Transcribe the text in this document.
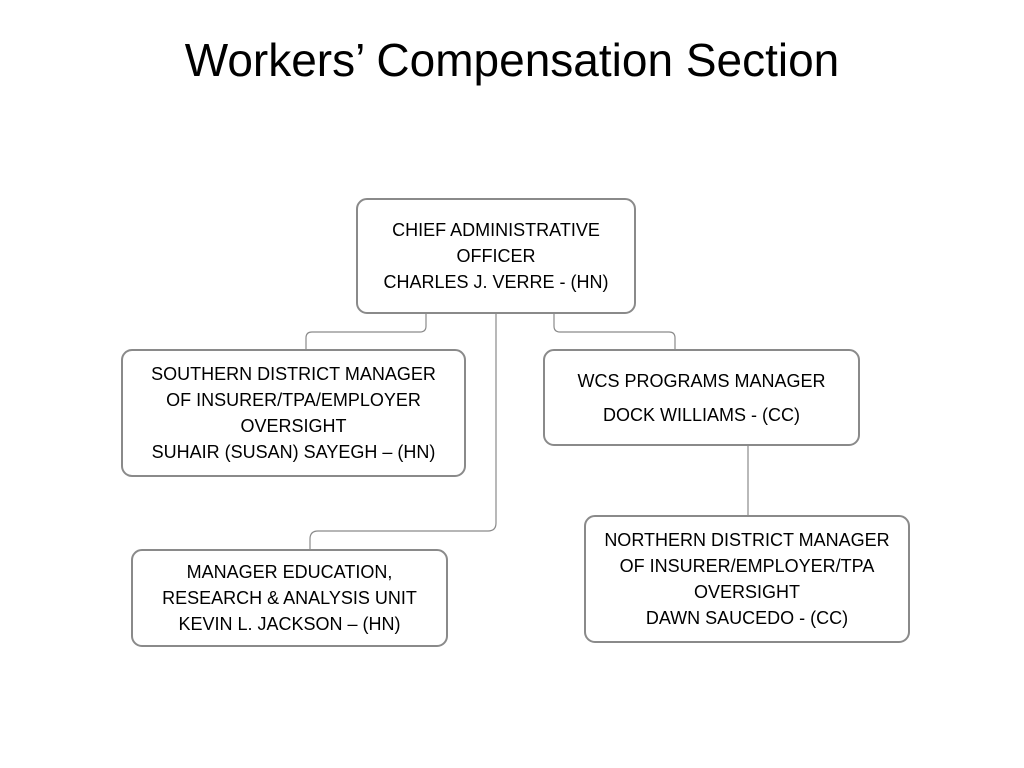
Workers’ Compensation Section
CHIEF ADMINISTRATIVE
OFFICER
CHARLES J. VERRE - (HN)
SOUTHERN DISTRICT MANAGER
OF INSURER/TPA/EMPLOYER
OVERSIGHT
SUHAIR (SUSAN) SAYEGH – (HN)
WCS PROGRAMS MANAGER
DOCK WILLIAMS - (CC)
MANAGER EDUCATION,
RESEARCH & ANALYSIS UNIT
KEVIN L. JACKSON – (HN)
NORTHERN DISTRICT MANAGER
OF INSURER/EMPLOYER/TPA
OVERSIGHT
DAWN SAUCEDO - (CC)
